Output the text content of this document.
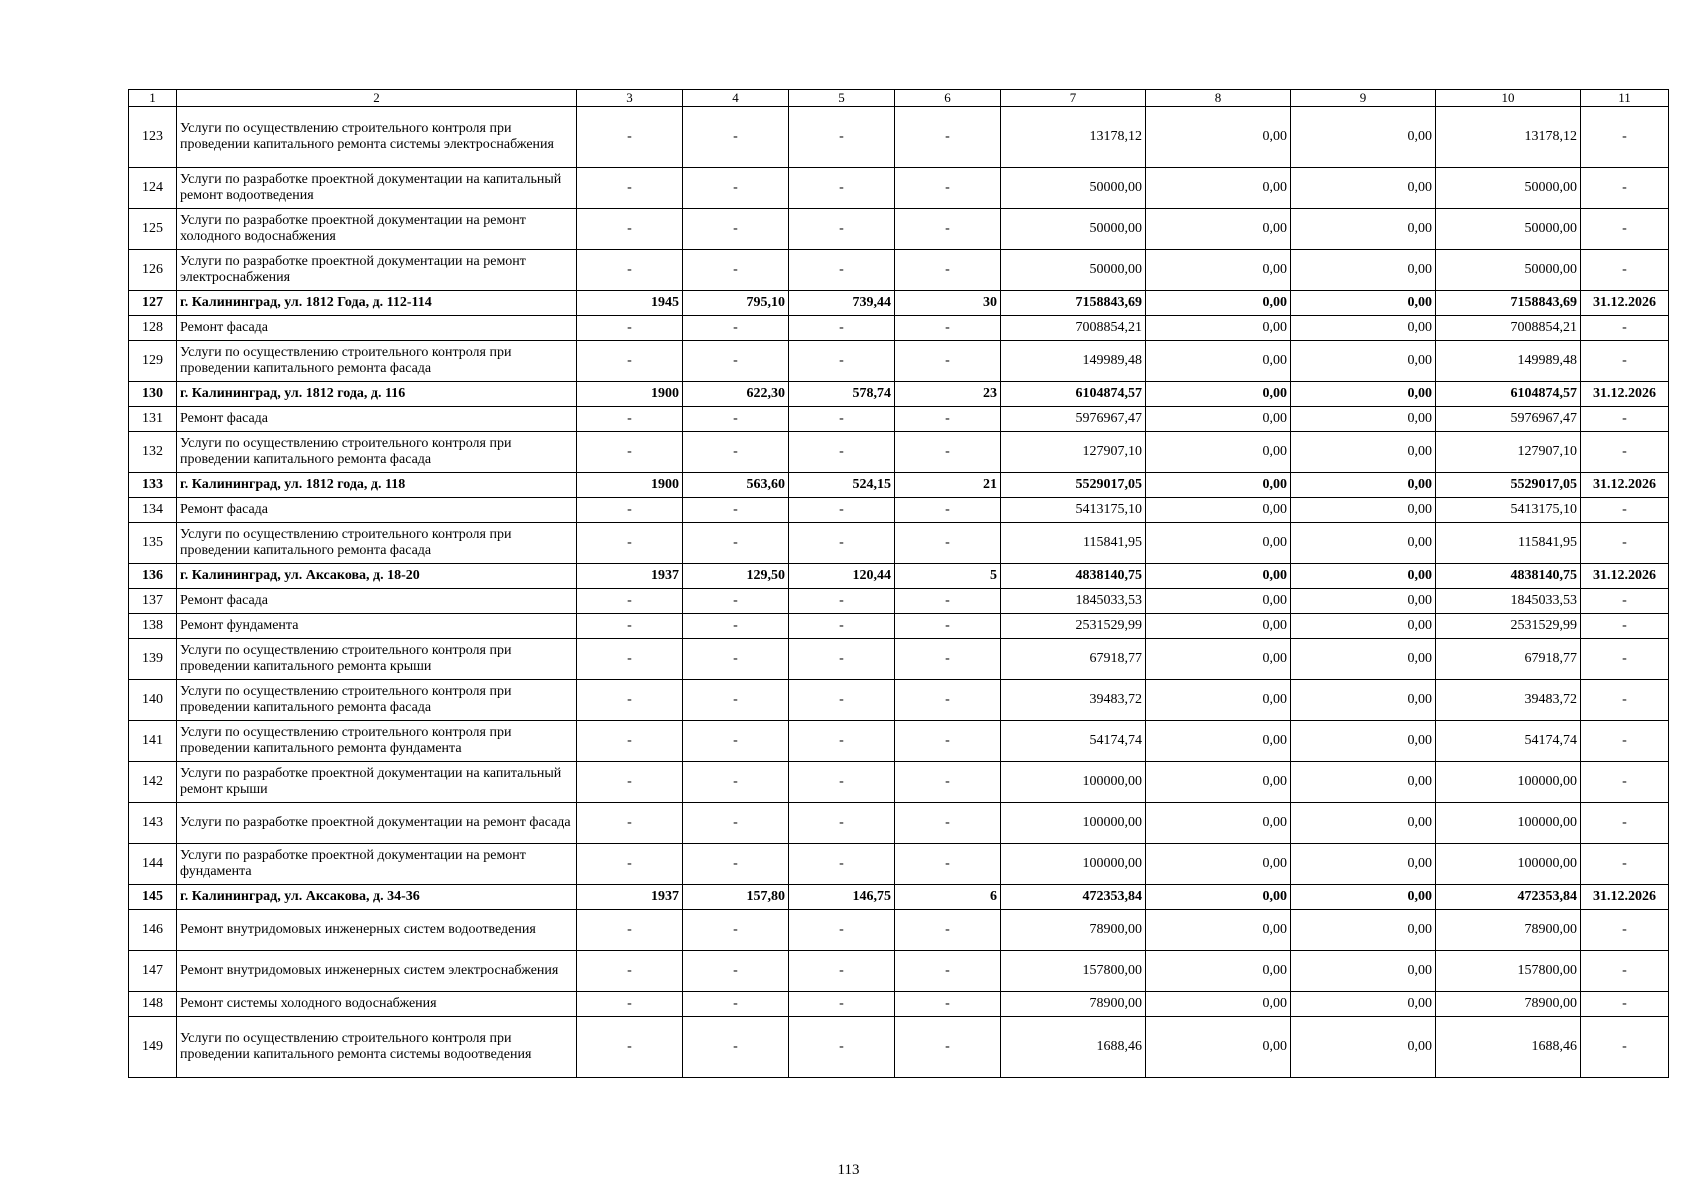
1	2	3	4	5	6	7	8	9	10	11
123	Услуги по осуществлению строительного контроля при проведении капитального ремонта системы электроснабжения	-	-	-	-	13178,12	0,00	0,00	13178,12	-
124	Услуги по разработке проектной документации на капитальный ремонт водоотведения	-	-	-	-	50000,00	0,00	0,00	50000,00	-
125	Услуги по разработке проектной документации на ремонт холодного водоснабжения	-	-	-	-	50000,00	0,00	0,00	50000,00	-
126	Услуги по разработке проектной документации на ремонт электроснабжения	-	-	-	-	50000,00	0,00	0,00	50000,00	-
127	г. Калининград, ул. 1812 Года, д. 112-114	1945	795,10	739,44	30	7158843,69	0,00	0,00	7158843,69	31.12.2026
128	Ремонт фасада	-	-	-	-	7008854,21	0,00	0,00	7008854,21	-
129	Услуги по осуществлению строительного контроля при проведении капитального ремонта фасада	-	-	-	-	149989,48	0,00	0,00	149989,48	-
130	г. Калининград, ул. 1812 года, д. 116	1900	622,30	578,74	23	6104874,57	0,00	0,00	6104874,57	31.12.2026
131	Ремонт фасада	-	-	-	-	5976967,47	0,00	0,00	5976967,47	-
132	Услуги по осуществлению строительного контроля при проведении капитального ремонта фасада	-	-	-	-	127907,10	0,00	0,00	127907,10	-
133	г. Калининград, ул. 1812 года, д. 118	1900	563,60	524,15	21	5529017,05	0,00	0,00	5529017,05	31.12.2026
134	Ремонт фасада	-	-	-	-	5413175,10	0,00	0,00	5413175,10	-
135	Услуги по осуществлению строительного контроля при проведении капитального ремонта фасада	-	-	-	-	115841,95	0,00	0,00	115841,95	-
136	г. Калининград, ул. Аксакова, д. 18-20	1937	129,50	120,44	5	4838140,75	0,00	0,00	4838140,75	31.12.2026
137	Ремонт фасада	-	-	-	-	1845033,53	0,00	0,00	1845033,53	-
138	Ремонт фундамента	-	-	-	-	2531529,99	0,00	0,00	2531529,99	-
139	Услуги по осуществлению строительного контроля при проведении капитального ремонта крыши	-	-	-	-	67918,77	0,00	0,00	67918,77	-
140	Услуги по осуществлению строительного контроля при проведении капитального ремонта фасада	-	-	-	-	39483,72	0,00	0,00	39483,72	-
141	Услуги по осуществлению строительного контроля при проведении капитального ремонта фундамента	-	-	-	-	54174,74	0,00	0,00	54174,74	-
142	Услуги по разработке проектной документации на капитальный ремонт крыши	-	-	-	-	100000,00	0,00	0,00	100000,00	-
143	Услуги по разработке проектной документации на ремонт фасада	-	-	-	-	100000,00	0,00	0,00	100000,00	-
144	Услуги по разработке проектной документации на ремонт фундамента	-	-	-	-	100000,00	0,00	0,00	100000,00	-
145	г. Калининград, ул. Аксакова, д. 34-36	1937	157,80	146,75	6	472353,84	0,00	0,00	472353,84	31.12.2026
146	Ремонт внутридомовых инженерных систем водоотведения	-	-	-	-	78900,00	0,00	0,00	78900,00	-
147	Ремонт внутридомовых инженерных систем электроснабжения	-	-	-	-	157800,00	0,00	0,00	157800,00	-
148	Ремонт системы холодного водоснабжения	-	-	-	-	78900,00	0,00	0,00	78900,00	-
149	Услуги по осуществлению строительного контроля при проведении капитального ремонта системы водоотведения	-	-	-	-	1688,46	0,00	0,00	1688,46	-
113
